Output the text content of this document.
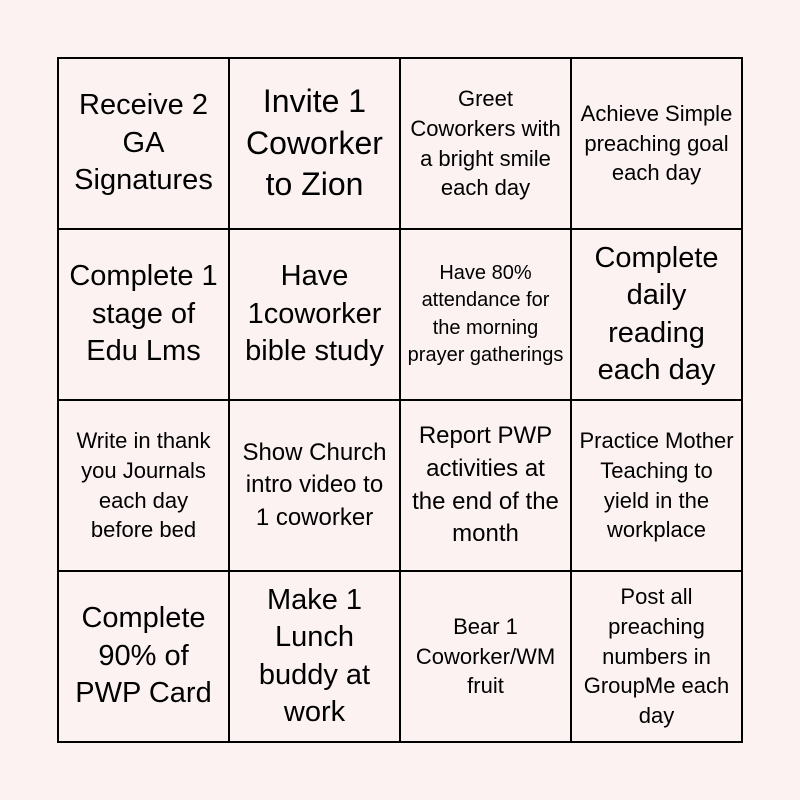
Receive 2 GA Signatures
Invite 1 Coworker to Zion
Greet Coworkers with a bright smile each day
Achieve Simple preaching goal each day
Complete 1 stage of Edu Lms
Have 1coworker bible study
Have 80% attendance for the morning prayer gatherings
Complete daily reading each day
Write in thank you Journals each day before bed
Show Church intro video to 1 coworker
Report PWP activities at the end of the month
Practice Mother Teaching to yield in the workplace
Complete 90% of PWP Card
Make 1 Lunch buddy at work
Bear 1 Coworker/WM fruit
Post all preaching numbers in GroupMe each day
